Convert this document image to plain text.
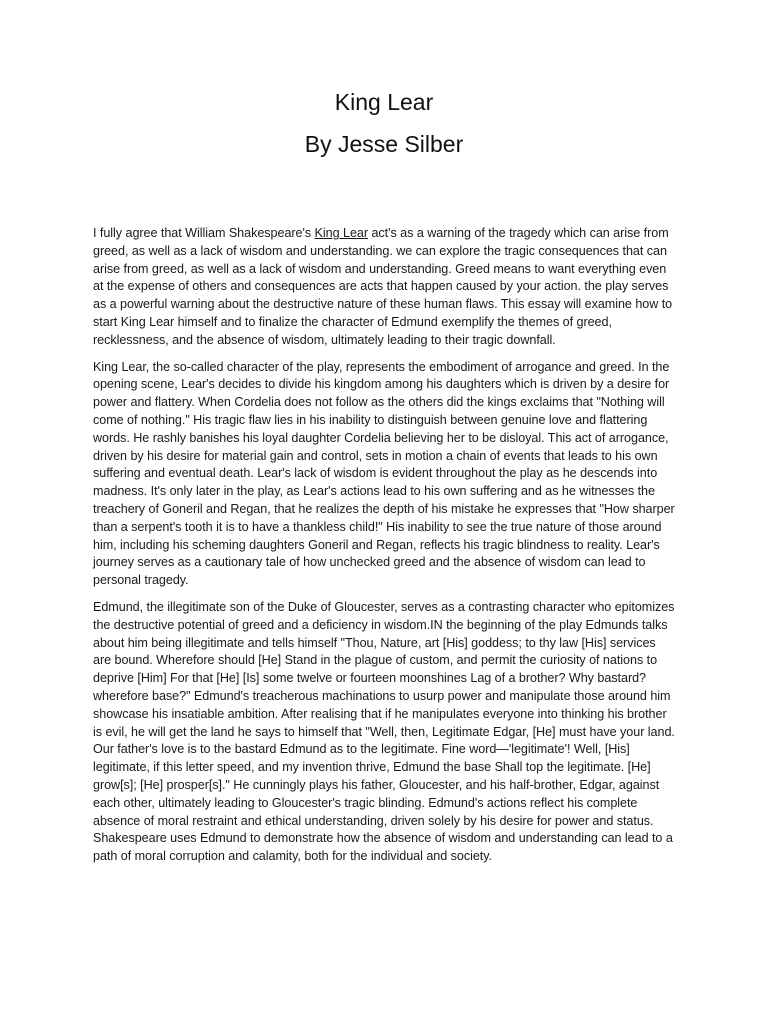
King Lear
By Jesse Silber

I fully agree that William Shakespeare's King Lear act's as a warning of the tragedy which can arise from greed, as well as a lack of wisdom and understanding. we can explore the tragic consequences that can arise from greed, as well as a lack of wisdom and understanding. Greed means to want everything even at the expense of others and consequences are acts that happen caused by your action. the play serves as a powerful warning about the destructive nature of these human flaws. This essay will examine how to start King Lear himself and to finalize the character of Edmund exemplify the themes of greed, recklessness, and the absence of wisdom, ultimately leading to their tragic downfall.

King Lear, the so-called character of the play, represents the embodiment of arrogance and greed. In the opening scene, Lear's decides to divide his kingdom among his daughters which is driven by a desire for power and flattery. When Cordelia does not follow as the others did the kings exclaims that "Nothing will come of nothing." His tragic flaw lies in his inability to distinguish between genuine love and flattering words. He rashly banishes his loyal daughter Cordelia believing her to be disloyal. This act of arrogance, driven by his desire for material gain and control, sets in motion a chain of events that leads to his own suffering and eventual death. Lear's lack of wisdom is evident throughout the play as he descends into madness. It's only later in the play, as Lear's actions lead to his own suffering and as he witnesses the treachery of Goneril and Regan, that he realizes the depth of his mistake he expresses that "How sharper than a serpent's tooth it is to have a thankless child!" His inability to see the true nature of those around him, including his scheming daughters Goneril and Regan, reflects his tragic blindness to reality. Lear's journey serves as a cautionary tale of how unchecked greed and the absence of wisdom can lead to personal tragedy.

Edmund, the illegitimate son of the Duke of Gloucester, serves as a contrasting character who epitomizes the destructive potential of greed and a deficiency in wisdom.IN the beginning of the play Edmunds talks about him being illegitimate and tells himself "Thou, Nature, art [His] goddess; to thy law [His] services are bound. Wherefore should [He] Stand in the plague of custom, and permit the curiosity of nations to deprive [Him] For that [He] [Is] some twelve or fourteen moonshines Lag of a brother? Why bastard? wherefore base?" Edmund's treacherous machinations to usurp power and manipulate those around him showcase his insatiable ambition. After realising that if he manipulates everyone into thinking his brother is evil, he will get the land he says to himself that "Well, then, Legitimate Edgar, [He] must have your land. Our father's love is to the bastard Edmund as to the legitimate. Fine word—'legitimate'! Well, [His] legitimate, if this letter speed, and my invention thrive, Edmund the base Shall top the legitimate. [He] grow[s]; [He] prosper[s]." He cunningly plays his father, Gloucester, and his half-brother, Edgar, against each other, ultimately leading to Gloucester's tragic blinding. Edmund's actions reflect his complete absence of moral restraint and ethical understanding, driven solely by his desire for power and status. Shakespeare uses Edmund to demonstrate how the absence of wisdom and understanding can lead to a path of moral corruption and calamity, both for the individual and society.
